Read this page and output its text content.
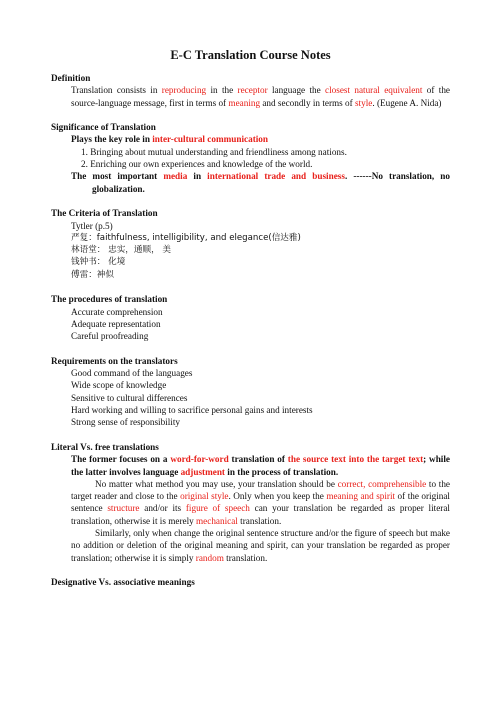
E-C Translation Course Notes
Definition

Translation consists in reproducing in the receptor language the closest natural equivalent of the source-language message, first in terms of meaning and secondly in terms of style. (Eugene A. Nida)

Significance of Translation

Plays the key role in inter-cultural communication

1. Bringing about mutual understanding and friendliness among nations.

2. Enriching our own experiences and knowledge of the world.

The most important media in international trade and business. ------No translation, no globalization.

The Criteria of Translation

Tytler (p.5)

严复：faithfulness, intelligibility, and elegance(信达雅)

林语堂： 忠实，通顺， 美

钱钟书： 化境

傅雷：神似

The procedures of translation

Accurate comprehension

Adequate representation

Careful proofreading

Requirements on the translators

Good command of the languages

Wide scope of knowledge

Sensitive to cultural differences

Hard working and willing to sacrifice personal gains and interests

Strong sense of responsibility

Literal Vs. free translations

The former focuses on a word-for-word translation of the source text into the target text; while the latter involves language adjustment in the process of translation.

No matter what method you may use, your translation should be correct, comprehensible to the target reader and close to the original style. Only when you keep the meaning and spirit of the original sentence structure and/or its figure of speech can your translation be regarded as proper literal translation, otherwise it is merely mechanical translation.

Similarly, only when change the original sentence structure and/or the figure of speech but make no addition or deletion of the original meaning and spirit, can your translation be regarded as proper translation; otherwise it is simply random translation.

Designative Vs. associative meanings
